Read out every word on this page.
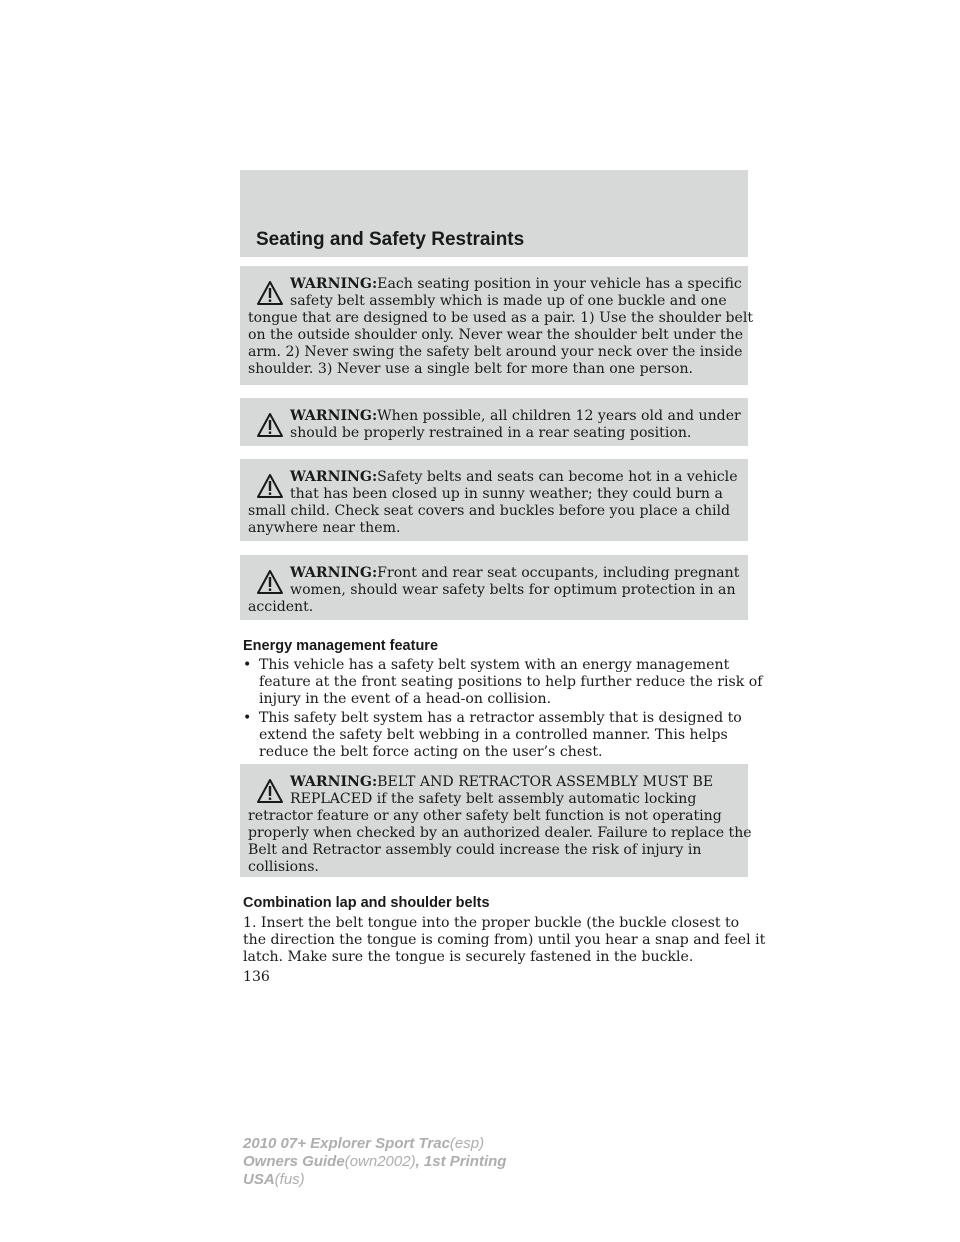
Seating and Safety Restraints
WARNING:Each seating position in your vehicle has a specific
safety belt assembly which is made up of one buckle and one
tongue that are designed to be used as a pair. 1) Use the shoulder belt
on the outside shoulder only. Never wear the shoulder belt under the
arm. 2) Never swing the safety belt around your neck over the inside
shoulder. 3) Never use a single belt for more than one person.
WARNING:When possible, all children 12 years old and under
should be properly restrained in a rear seating position.
WARNING:Safety belts and seats can become hot in a vehicle
that has been closed up in sunny weather; they could burn a
small child. Check seat covers and buckles before you place a child
anywhere near them.
WARNING:Front and rear seat occupants, including pregnant
women, should wear safety belts for optimum protection in an
accident.
Energy management feature
• This vehicle has a safety belt system with an energy management
feature at the front seating positions to help further reduce the risk of
injury in the event of a head-on collision.
• This safety belt system has a retractor assembly that is designed to
extend the safety belt webbing in a controlled manner. This helps
reduce the belt force acting on the user’s chest.
WARNING:BELT AND RETRACTOR ASSEMBLY MUST BE
REPLACED if the safety belt assembly automatic locking
retractor feature or any other safety belt function is not operating
properly when checked by an authorized dealer. Failure to replace the
Belt and Retractor assembly could increase the risk of injury in
collisions.
Combination lap and shoulder belts
1. Insert the belt tongue into the proper buckle (the buckle closest to
the direction the tongue is coming from) until you hear a snap and feel it
latch. Make sure the tongue is securely fastened in the buckle.
136
2010 07+ Explorer Sport Trac(esp)
Owners Guide(own2002), 1st Printing
USA(fus)
